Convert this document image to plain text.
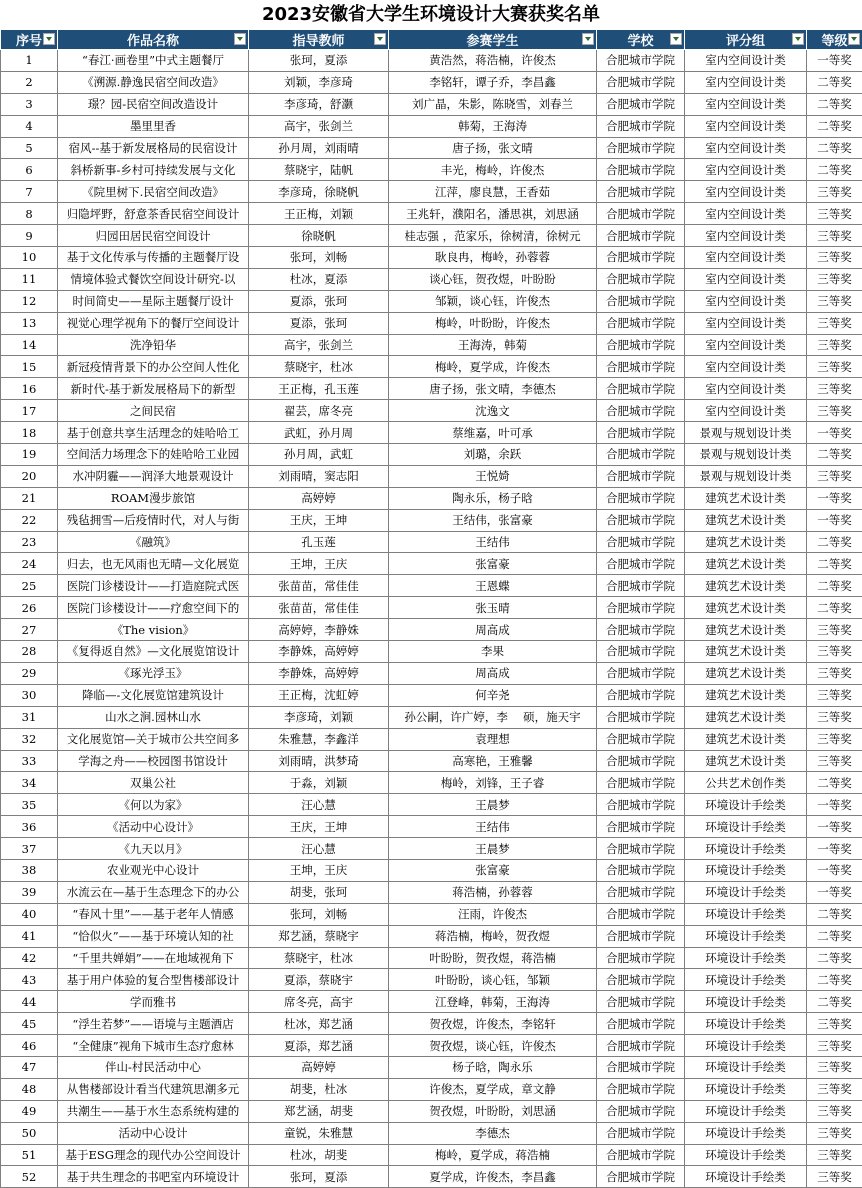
2023安徽省大学生环境设计大赛获奖名单
序号	作品名称	指导教师	参赛学生	学校	评分组	等级

1	“春江·画卷里”中式主题餐厅	张珂，夏添	黄浩然，蒋浩楠，许俊杰	合肥城市学院	室内空间设计类	一等奖
2	《溯源.静逸民宿空间改造》	刘颖，李彦琦	李铭轩，谭子乔，李昌鑫	合肥城市学院	室内空间设计类	二等奖
3	璟？园-民宿空间改造设计	李彦琦，舒灏	刘广晶，朱影，陈晓雪，刘春兰	合肥城市学院	室内空间设计类	二等奖
4	墨里里香	高宇，张剑兰	韩菊，王海涛	合肥城市学院	室内空间设计类	二等奖
5	宿风--基于新发展格局的民宿设计	孙月周，刘雨晴	唐子扬，张文晴	合肥城市学院	室内空间设计类	二等奖
6	斜桥新事-乡村可持续发展与文化	蔡晓宇，陆帆	丰光，梅岭，许俊杰	合肥城市学院	室内空间设计类	二等奖
7	《院里树下.民宿空间改造》	李彦琦，徐晓帆	江萍，廖良慧，王香茹	合肥城市学院	室内空间设计类	三等奖
8	归隐坪野，舒意茶香民宿空间设计	王正梅，刘颖	王兆轩，濮阳名，潘思祺，刘思涵	合肥城市学院	室内空间设计类	三等奖
9	归园田居民宿空间设计	徐晓帆	桂志强 ，范家乐，徐树清，徐树元	合肥城市学院	室内空间设计类	三等奖
10	基于文化传承与传播的主题餐厅设	张珂，刘畅	耿良冉，梅岭，孙蓉蓉	合肥城市学院	室内空间设计类	三等奖
11	情境体验式餐饮空间设计研究-以	杜冰，夏添	谈心钰，贺孜煜，叶盼盼	合肥城市学院	室内空间设计类	三等奖
12	时间简史——星际主题餐厅设计	夏添，张珂	邹颖，谈心钰，许俊杰	合肥城市学院	室内空间设计类	三等奖
13	视觉心理学视角下的餐厅空间设计	夏添，张珂	梅岭，叶盼盼，许俊杰	合肥城市学院	室内空间设计类	三等奖
14	洗净铅华	高宇，张剑兰	王海涛，韩菊	合肥城市学院	室内空间设计类	三等奖
15	新冠疫情背景下的办公空间人性化	蔡晓宇，杜冰	梅岭，夏学成，许俊杰	合肥城市学院	室内空间设计类	三等奖
16	新时代-基于新发展格局下的新型	王正梅，孔玉莲	唐子扬，张文晴，李德杰	合肥城市学院	室内空间设计类	三等奖
17	之间民宿	翟芸，席冬亮	沈逸文	合肥城市学院	室内空间设计类	三等奖
18	基于创意共享生活理念的娃哈哈工	武虹，孙月周	蔡维嘉，叶可承	合肥城市学院	景观与规划设计类	一等奖
19	空间活力场理念下的娃哈哈工业园	孙月周，武虹	刘璐，余跃	合肥城市学院	景观与规划设计类	二等奖
20	水冲阴霾——润泽大地景观设计	刘雨晴，窦志阳	王悦婍	合肥城市学院	景观与规划设计类	三等奖
21	ROAM漫步旅馆	高婷婷	陶永乐，杨子晗	合肥城市学院	建筑艺术设计类	一等奖
22	残毡拥雪—后疫情时代，对人与街	王庆，王坤	王结伟，张富豪	合肥城市学院	建筑艺术设计类	一等奖
23	《融筑》	孔玉莲	王结伟	合肥城市学院	建筑艺术设计类	二等奖
24	归去，也无风雨也无晴—文化展览	王坤，王庆	张富豪	合肥城市学院	建筑艺术设计类	二等奖
25	医院门诊楼设计——打造庭院式医	张苗苗，常佳佳	王恩蝶	合肥城市学院	建筑艺术设计类	二等奖
26	医院门诊楼设计——疗愈空间下的	张苗苗，常佳佳	张玉晴	合肥城市学院	建筑艺术设计类	二等奖
27	《The vision》	高婷婷，李静姝	周高成	合肥城市学院	建筑艺术设计类	三等奖
28	《复得返自然》—文化展览馆设计	李静姝，高婷婷	李果	合肥城市学院	建筑艺术设计类	三等奖
29	《琢光浮玉》	李静姝，高婷婷	周高成	合肥城市学院	建筑艺术设计类	三等奖
30	降临—-文化展览馆建筑设计	王正梅，沈虹婷	何辛尧	合肥城市学院	建筑艺术设计类	三等奖
31	山水之涧.园林山水	李彦琦，刘颖	孙公嗣，许广婷，李　 硕，施天宇	合肥城市学院	建筑艺术设计类	三等奖
32	文化展览馆—关于城市公共空间多	朱雅慧，李鑫洋	袁理想	合肥城市学院	建筑艺术设计类	三等奖
33	学海之舟——校园图书馆设计	刘雨晴，洪梦琦	高寒艳，王雅馨	合肥城市学院	建筑艺术设计类	三等奖
34	双巢公社	于淼，刘颖	梅岭，刘锋，王子睿	合肥城市学院	公共艺术创作类	二等奖
35	《何以为家》	汪心慧	王晨梦	合肥城市学院	环境设计手绘类	一等奖
36	《活动中心设计》	王庆，王坤	王结伟	合肥城市学院	环境设计手绘类	一等奖
37	《九天以月》	汪心慧	王晨梦	合肥城市学院	环境设计手绘类	一等奖
38	农业观光中心设计	王坤，王庆	张富豪	合肥城市学院	环境设计手绘类	一等奖
39	水流云在—基于生态理念下的办公	胡斐，张珂	蒋浩楠，孙蓉蓉	合肥城市学院	环境设计手绘类	一等奖
40	“春风十里”——基于老年人情感	张珂，刘畅	汪雨，许俊杰	合肥城市学院	环境设计手绘类	二等奖
41	“恰似火”——基于环境认知的社	郑艺涵，蔡晓宇	蒋浩楠，梅岭，贺孜煜	合肥城市学院	环境设计手绘类	二等奖
42	“千里共婵娟”——在地域视角下	蔡晓宇，杜冰	叶盼盼，贺孜煜，蒋浩楠	合肥城市学院	环境设计手绘类	二等奖
43	基于用户体验的复合型售楼部设计	夏添，蔡晓宇	叶盼盼，谈心钰，邹颖	合肥城市学院	环境设计手绘类	二等奖
44	学而雅书	席冬亮，高宇	江登峰，韩菊，王海涛	合肥城市学院	环境设计手绘类	二等奖
45	“浮生若梦”——语境与主题酒店	杜冰，郑艺涵	贺孜煜，许俊杰，李铭轩	合肥城市学院	环境设计手绘类	三等奖
46	“全健康”视角下城市生态疗愈林	夏添，郑艺涵	贺孜煜，谈心钰，许俊杰	合肥城市学院	环境设计手绘类	三等奖
47	伴山-村民活动中心	高婷婷	杨子晗，陶永乐	合肥城市学院	环境设计手绘类	三等奖
48	从售楼部设计看当代建筑思潮多元	胡斐，杜冰	许俊杰，夏学成，章文静	合肥城市学院	环境设计手绘类	三等奖
49	共潮生——基于水生态系统构建的	郑艺涵，胡斐	贺孜煜，叶盼盼，刘思涵	合肥城市学院	环境设计手绘类	三等奖
50	活动中心设计	童锐，朱雅慧	李德杰	合肥城市学院	环境设计手绘类	三等奖
51	基于ESG理念的现代办公空间设计	杜冰，胡斐	梅岭，夏学成，蒋浩楠	合肥城市学院	环境设计手绘类	三等奖
52	基于共生理念的书吧室内环境设计	张珂，夏添	夏学成，许俊杰，李昌鑫	合肥城市学院	环境设计手绘类	三等奖
